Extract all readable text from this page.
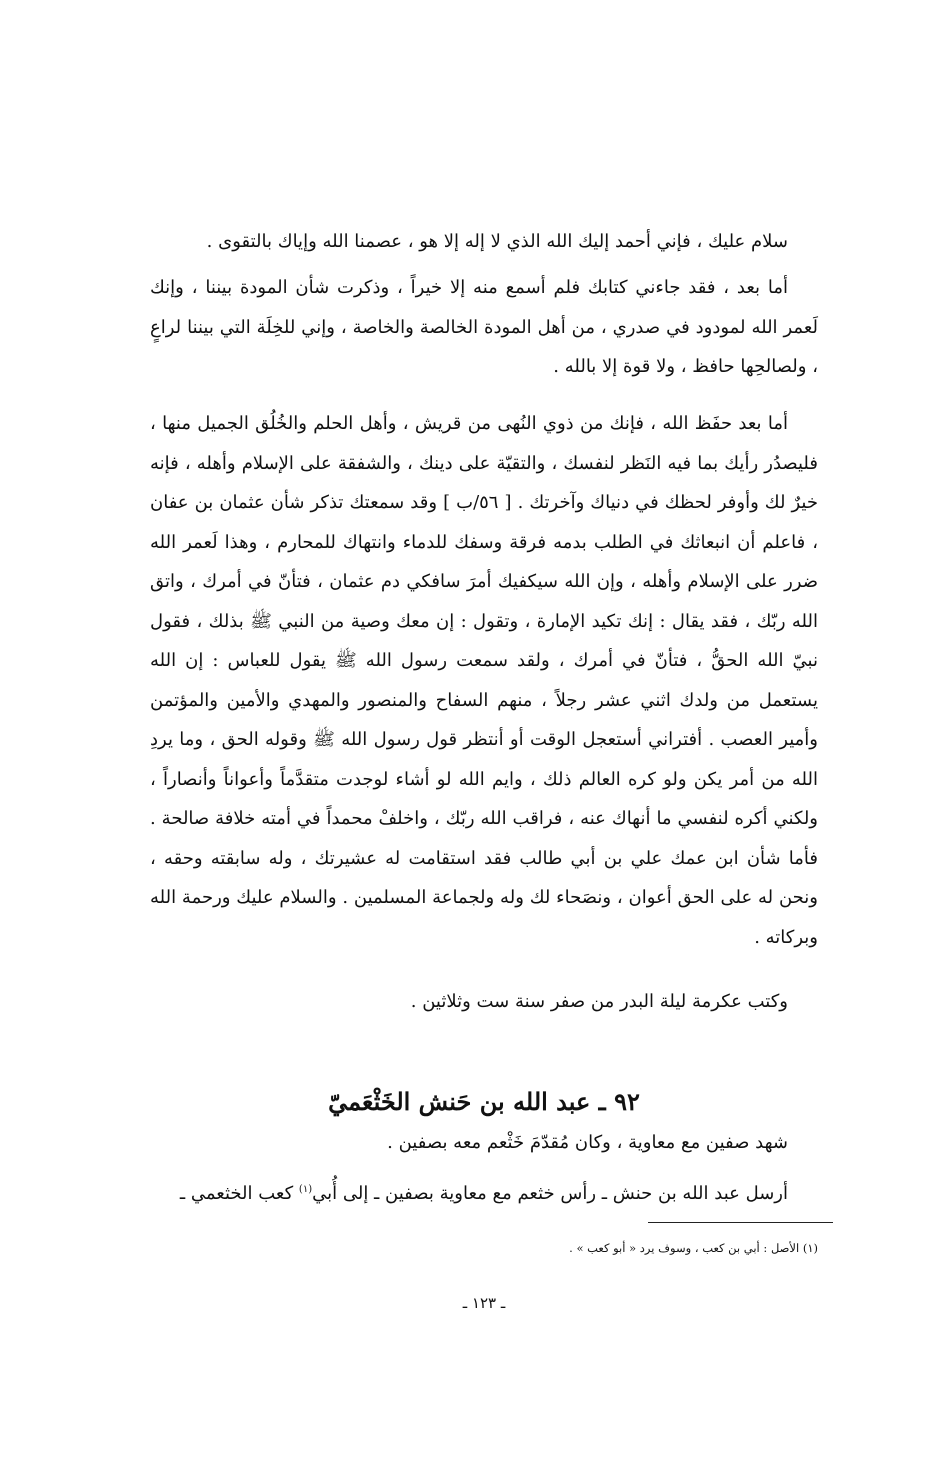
سلام عليك ، فإني أحمد إليك الله الذي لا إله إلا هو ، عصمنا الله وإياك بالتقوى .

أما بعد ، فقد جاءني كتابك فلم أسمع منه إلا خيراً ، وذكرت شأن المودة بيننا ، وإنك لَعمر الله لمودود في صدري ، من أهل المودة الخالصة والخاصة ، وإني للخِلَة التي بيننا لراعٍ ، ولصالحِها حافظ ، ولا قوة إلا بالله .

أما بعد حفَظ الله ، فإنك من ذوي النُهى من قريش ، وأهل الحلم والخُلُق الجميل منها ، فليصدُر رأيك بما فيه النَظر لنفسك ، والتقيّة على دينك ، والشفقة على الإسلام وأهله ، فإنه خيرٌ لك وأوفر لحظك في دنياك وآخرتك . [ ٥٦/ب ] وقد سمعتك تذكر شأن عثمان بن عفان ، فاعلم أن انبعاثك في الطلب بدمه فرقة وسفك للدماء وانتهاك للمحارم ، وهذا لَعمر الله ضرر على الإسلام وأهله ، وإن الله سيكفيك أمرَ سافكي دم عثمان ، فتأنّ في أمرك ، واتق الله ربّك ، فقد يقال : إنك تكيد الإمارة ، وتقول : إن معك وصية من النبي ﷺ بذلك ، فقول نبيّ الله الحقُّ ، فتأنّ في أمرك ، ولقد سمعت رسول الله ﷺ يقول للعباس : إن الله يستعمل من ولدك اثني عشر رجلاً ، منهم السفاح والمنصور والمهدي والأمين والمؤتمن وأمير العصب . أفتراني أستعجل الوقت أو أنتظر قول رسول الله ﷺ وقوله الحق ، وما يردِ الله من أمر يكن ولو كره العالم ذلك ، وايم الله لو أشاء لوجدت متقدَّماً وأعواناً وأنصاراً ، ولكني أكره لنفسي ما أنهاك عنه ، فراقب الله ربّك ، واخلفْ محمداً في أمته خلافة صالحة . فأما شأن ابن عمك علي بن أبي طالب فقد استقامت له عشيرتك ، وله سابقته وحقه ، ونحن له على الحق أعوان ، ونصَحاء لك وله ولجماعة المسلمين . والسلام عليك ورحمة الله وبركاته .

وكتب عكرمة ليلة البدر من صفر سنة ست وثلاثين .

٩٢ ـ عبد الله بن حَنش الخَثْعَميّ

شهد صفين مع معاوية ، وكان مُقدّمَ خَثْعم معه بصفين .

أرسل عبد الله بن حنش ـ رأس خثعم مع معاوية بصفين ـ إلى أُبي$^{(١)}$ كعب الخثعمي ـ

(١) الأصل : أبي بن كعب ، وسوف يرد « أبو كعب » .

ـ ١٢٣ ـ
